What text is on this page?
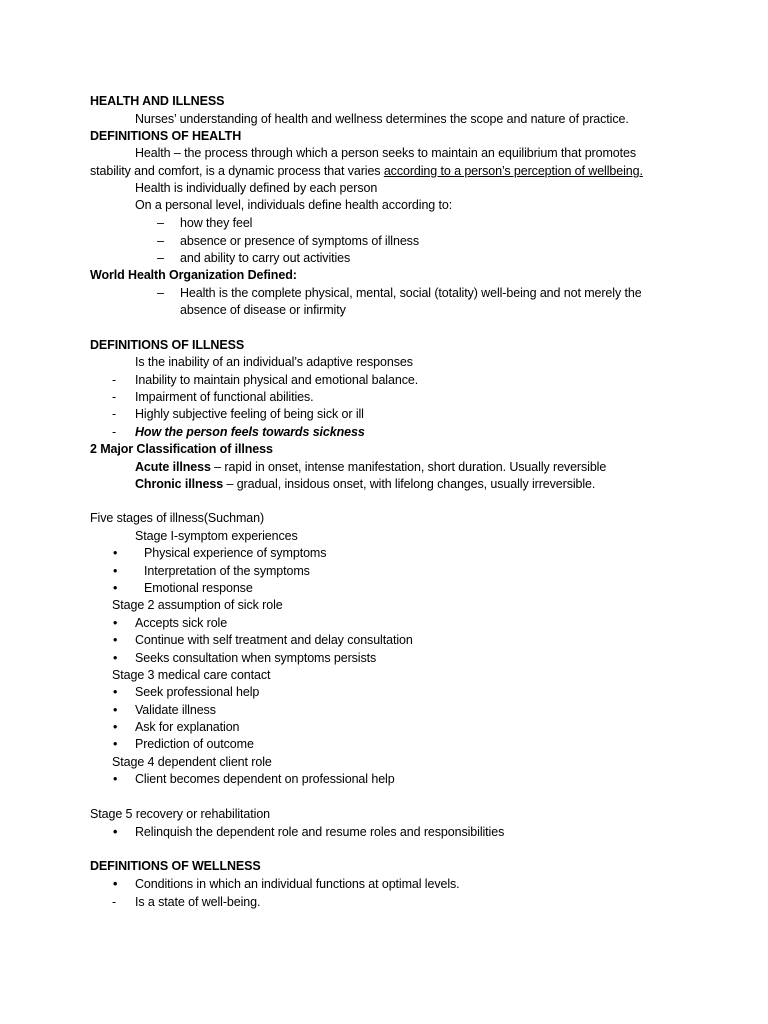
HEALTH AND ILLNESS
Nurses’ understanding of health and wellness determines the scope and nature of practice.
DEFINITIONS OF HEALTH
Health – the process through which a person seeks to maintain an equilibrium that promotes
stability and comfort, is a dynamic process that varies according to a person’s perception of wellbeing.
Health is individually defined by each person
On a personal level, individuals define health according to:
– how they feel
– absence or presence of symptoms of illness
– and ability to carry out activities
World Health Organization Defined:
– Health is the complete physical, mental, social (totality) well-being and not merely the
absence of disease or infirmity
DEFINITIONS OF ILLNESS
Is the inability of an individual’s adaptive responses
- Inability to maintain physical and emotional balance.
- Impairment of functional abilities.
- Highly subjective feeling of being sick or ill
- How the person feels towards sickness
2 Major Classification of illness
Acute illness – rapid in onset, intense manifestation, short duration. Usually reversible
Chronic illness – gradual, insidous onset, with lifelong changes, usually irreversible.
Five stages of illness(Suchman)
Stage I-symptom experiences
• Physical experience of symptoms
• Interpretation of the symptoms
• Emotional response
Stage 2 assumption of sick role
• Accepts sick role
• Continue with self treatment and delay consultation
• Seeks consultation when symptoms persists
Stage 3 medical care contact
• Seek professional help
• Validate illness
• Ask for explanation
• Prediction of outcome
Stage 4 dependent client role
• Client becomes dependent on professional help
Stage 5 recovery or rehabilitation
• Relinquish the dependent role and resume roles and responsibilities
DEFINITIONS OF WELLNESS
• Conditions in which an individual functions at optimal levels.
- Is a state of well-being.
